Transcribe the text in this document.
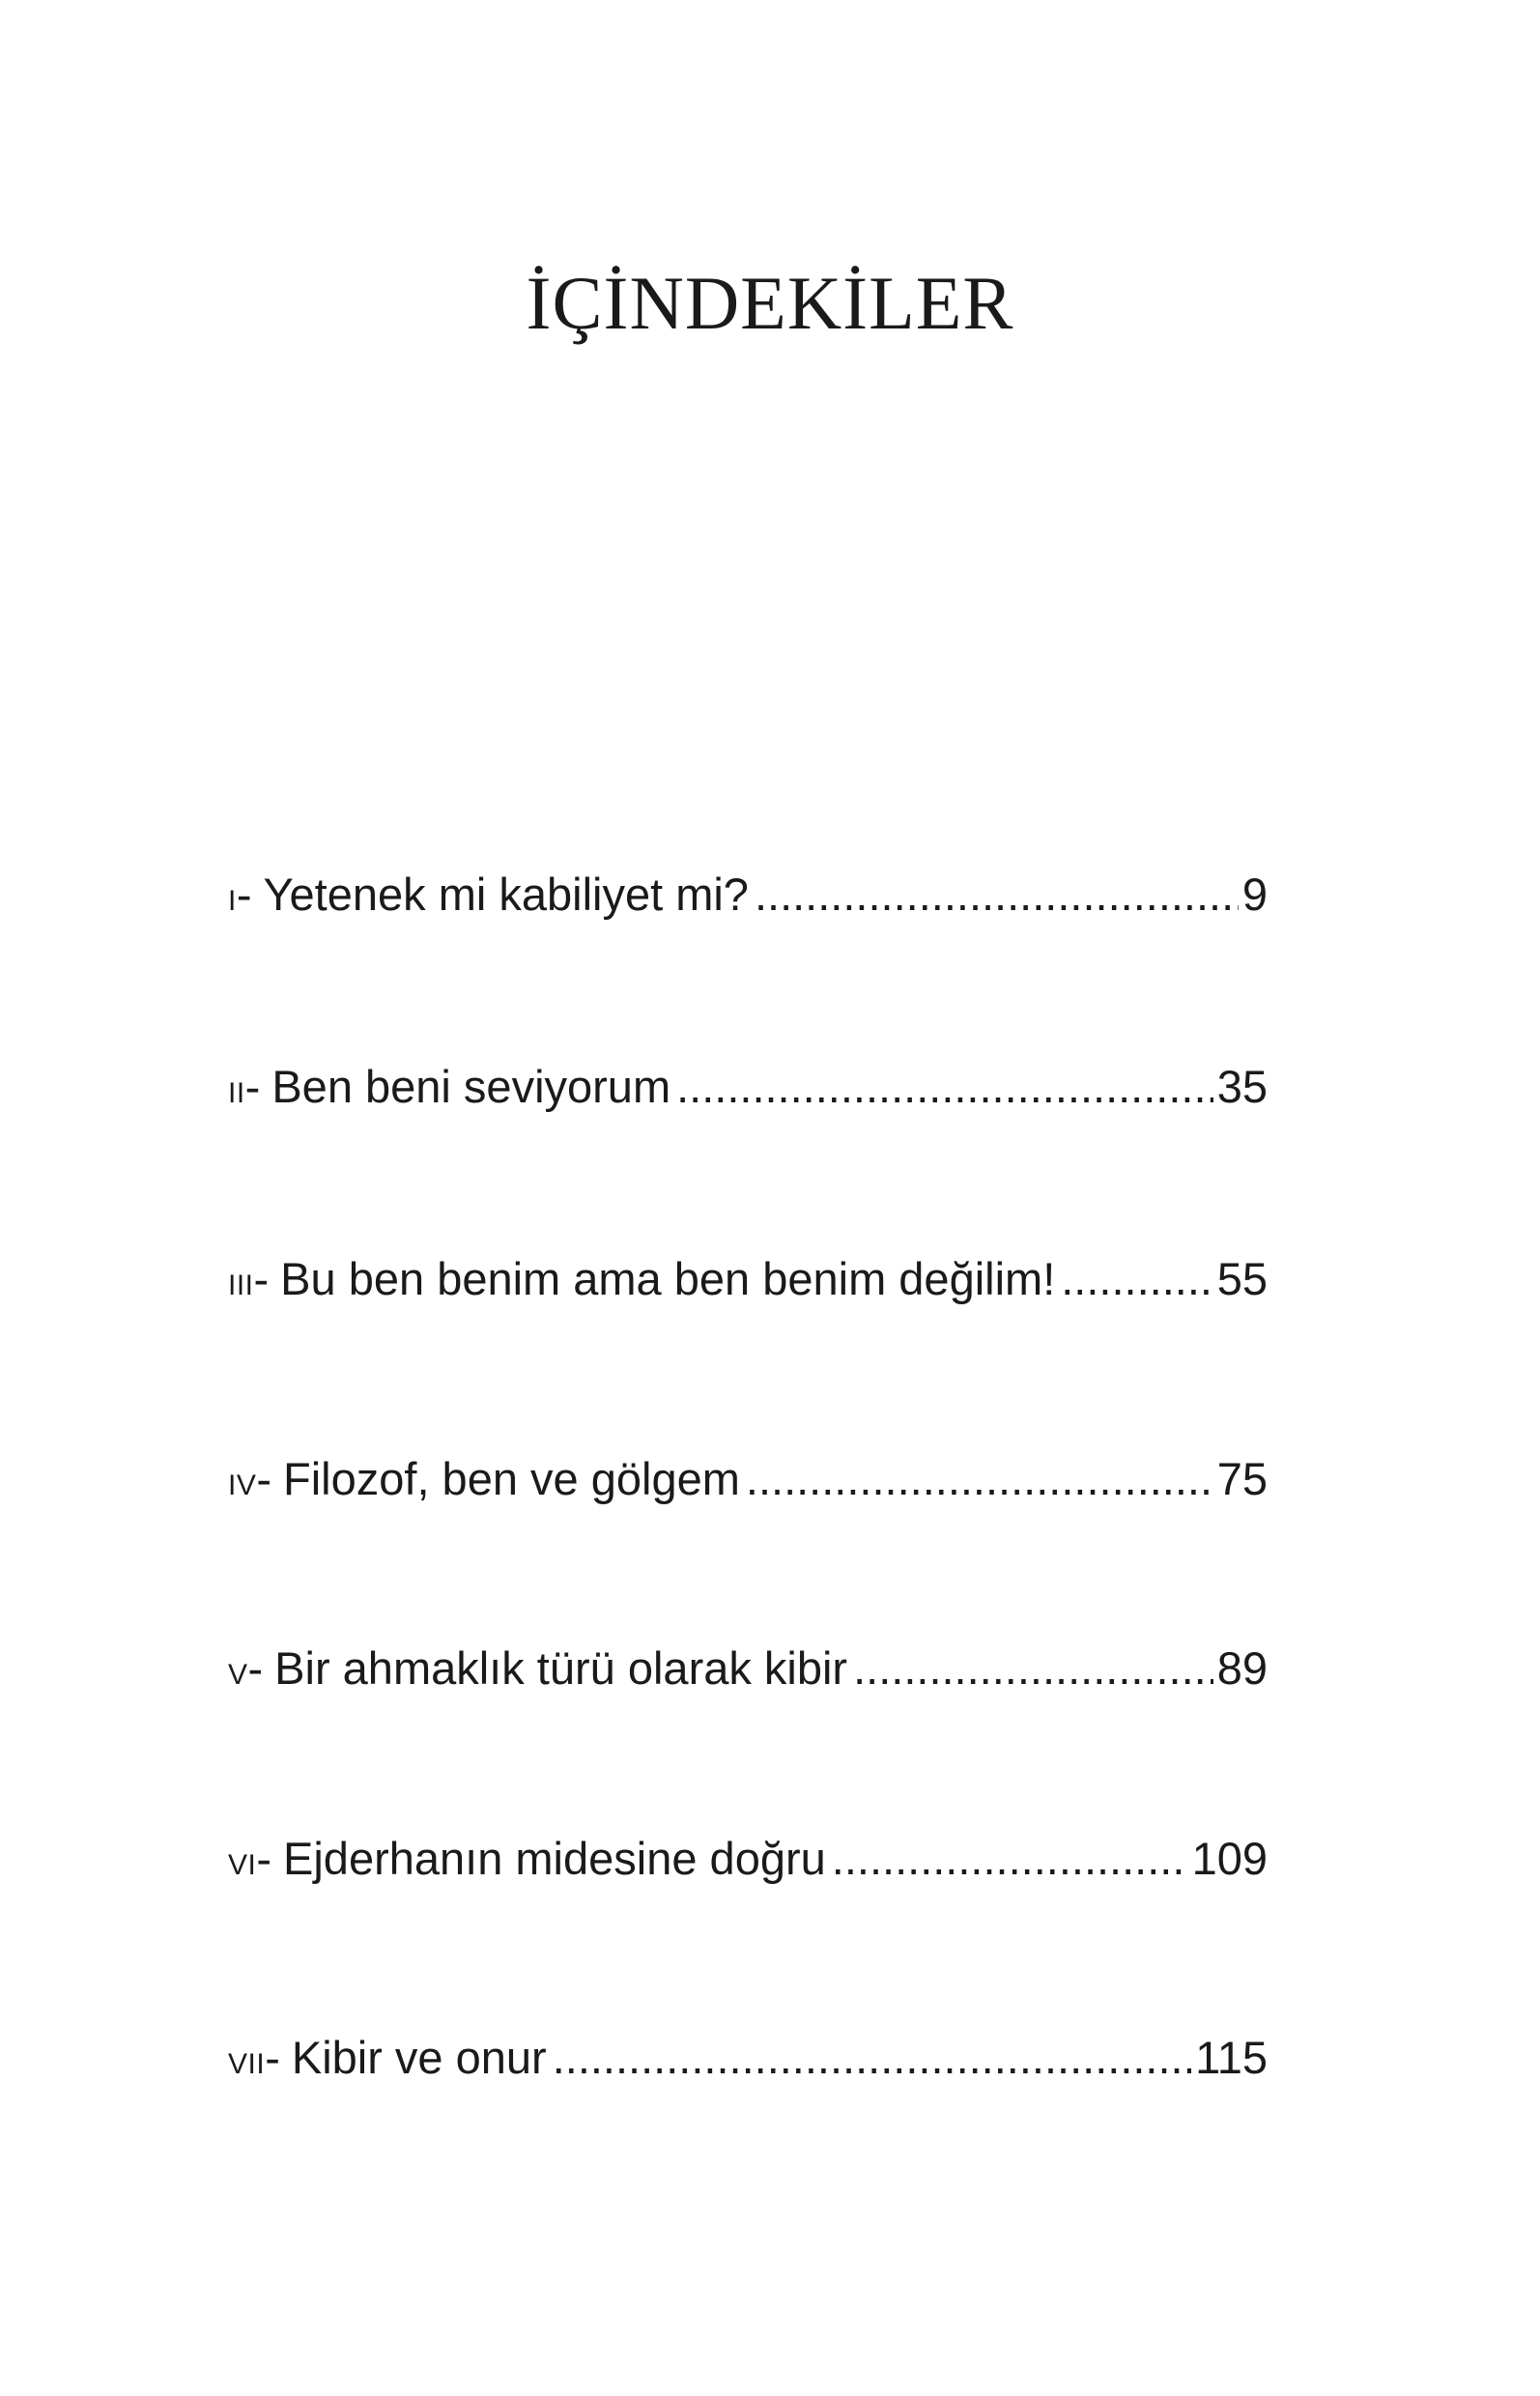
İÇİNDEKİLER
I - Yetenek mi kabiliyet mi? .....	9
II - Ben beni seviyorum .....	35
III - Bu ben benim ama ben benim değilim! .....	55
IV - Filozof, ben ve gölgem .....	75
V - Bir ahmaklık türü olarak kibir .....	89
VI - Ejderhanın midesine doğru .....	109
VII - Kibir ve onur .....	115
